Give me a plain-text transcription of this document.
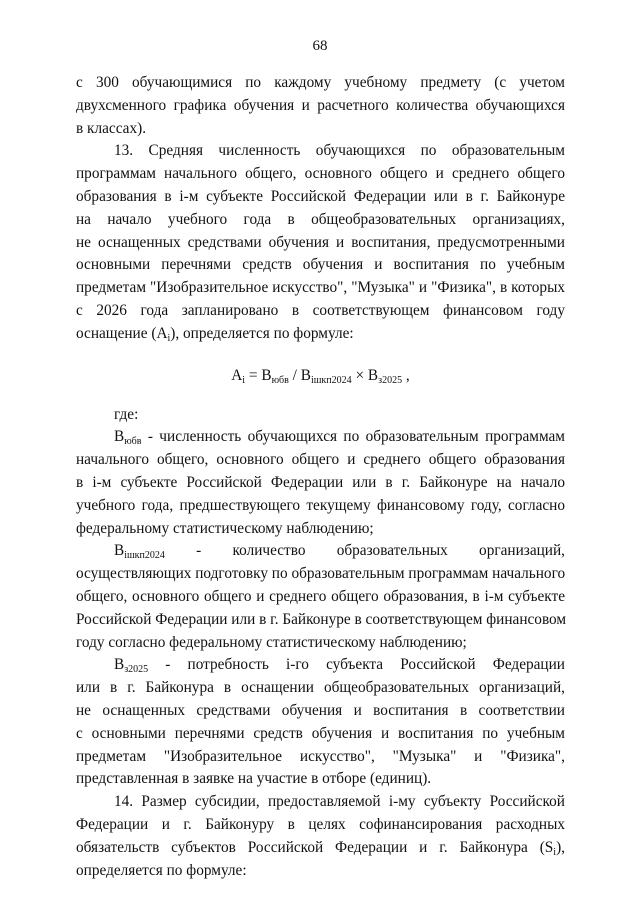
68
с 300 обучающимися по каждому учебному предмету (с учетом
двухсменного графика обучения и расчетного количества обучающихся
в классах).
13. Средняя численность обучающихся по образовательным
программам начального общего, основного общего и среднего общего
образования в i-м субъекте Российской Федерации или в г. Байконуре
на начало учебного года в общеобразовательных организациях,
не оснащенных средствами обучения и воспитания, предусмотренными
основными перечнями средств обучения и воспитания по учебным
предметам "Изобразительное искусство", "Музыка" и "Физика", в которых
с 2026 года запланировано в соответствующем финансовом году
оснащение $(A_i)$, определяется по формуле:
$A_i = B_{юбв} / B_{iшкп2024} \times B_{з2025}$ ,
где:
$B_{юбв}$ - численность обучающихся по образовательным программам
начального общего, основного общего и среднего общего образования
в i-м субъекте Российской Федерации или в г. Байконуре на начало
учебного года, предшествующего текущему финансовому году, согласно
федеральному статистическому наблюдению;
$B_{iшкп2024}$ - количество образовательных организаций,
осуществляющих подготовку по образовательным программам начального
общего, основного общего и среднего общего образования, в i-м субъекте
Российской Федерации или в г. Байконуре в соответствующем финансовом
году согласно федеральному статистическому наблюдению;
$B_{з2025}$ - потребность i-го субъекта Российской Федерации
или в г. Байконура в оснащении общеобразовательных организаций,
не оснащенных средствами обучения и воспитания в соответствии
с основными перечнями средств обучения и воспитания по учебным
предметам "Изобразительное искусство", "Музыка" и "Физика",
представленная в заявке на участие в отборе (единиц).
14. Размер субсидии, предоставляемой i-му субъекту Российской
Федерации и г. Байконуру в целях софинансирования расходных
обязательств субъектов Российской Федерации и г. Байконура $(S_i)$,
определяется по формуле:
